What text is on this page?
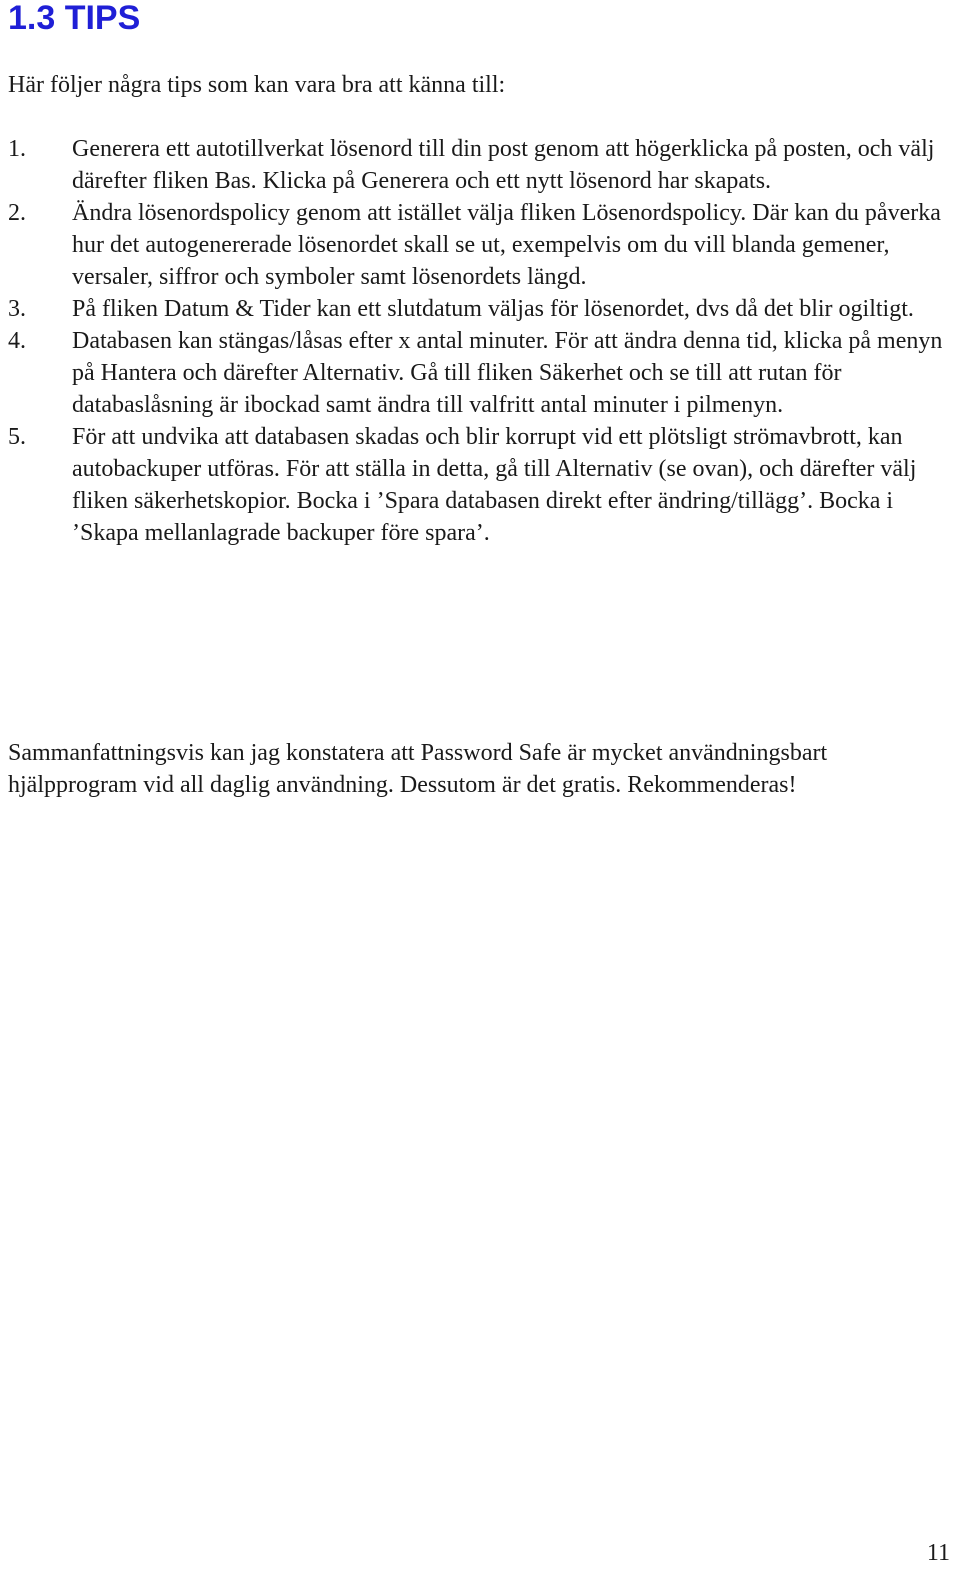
1.3 TIPS

Här följer några tips som kan vara bra att känna till:

1.	Generera ett autotillverkat lösenord till din post genom att högerklicka på posten, och välj därefter fliken Bas. Klicka på Generera och ett nytt lösenord har skapats.
2.	Ändra lösenordspolicy genom att istället välja fliken Lösenordspolicy. Där kan du påverka hur det autogenererade lösenordet skall se ut, exempelvis om du vill blanda gemener, versaler, siffror och symboler samt lösenordets längd.
3.	På fliken Datum & Tider kan ett slutdatum väljas för lösenordet, dvs då det blir ogiltigt.
4.	Databasen kan stängas/låsas efter x antal minuter. För att ändra denna tid, klicka på menyn på Hantera och därefter Alternativ. Gå till fliken Säkerhet och se till att rutan för databaslåsning är ibockad samt ändra till valfritt antal minuter i pilmenyn.
5.	För att undvika att databasen skadas och blir korrupt vid ett plötsligt strömavbrott, kan autobackuper utföras. För att ställa in detta, gå till Alternativ (se ovan), och därefter välj fliken säkerhetskopior. Bocka i ’Spara databasen direkt efter ändring/tillägg’. Bocka i ’Skapa mellanlagrade backuper före spara’.

Sammanfattningsvis kan jag konstatera att Password Safe är mycket användningsbart hjälpprogram vid all daglig användning. Dessutom är det gratis. Rekommenderas!

11
